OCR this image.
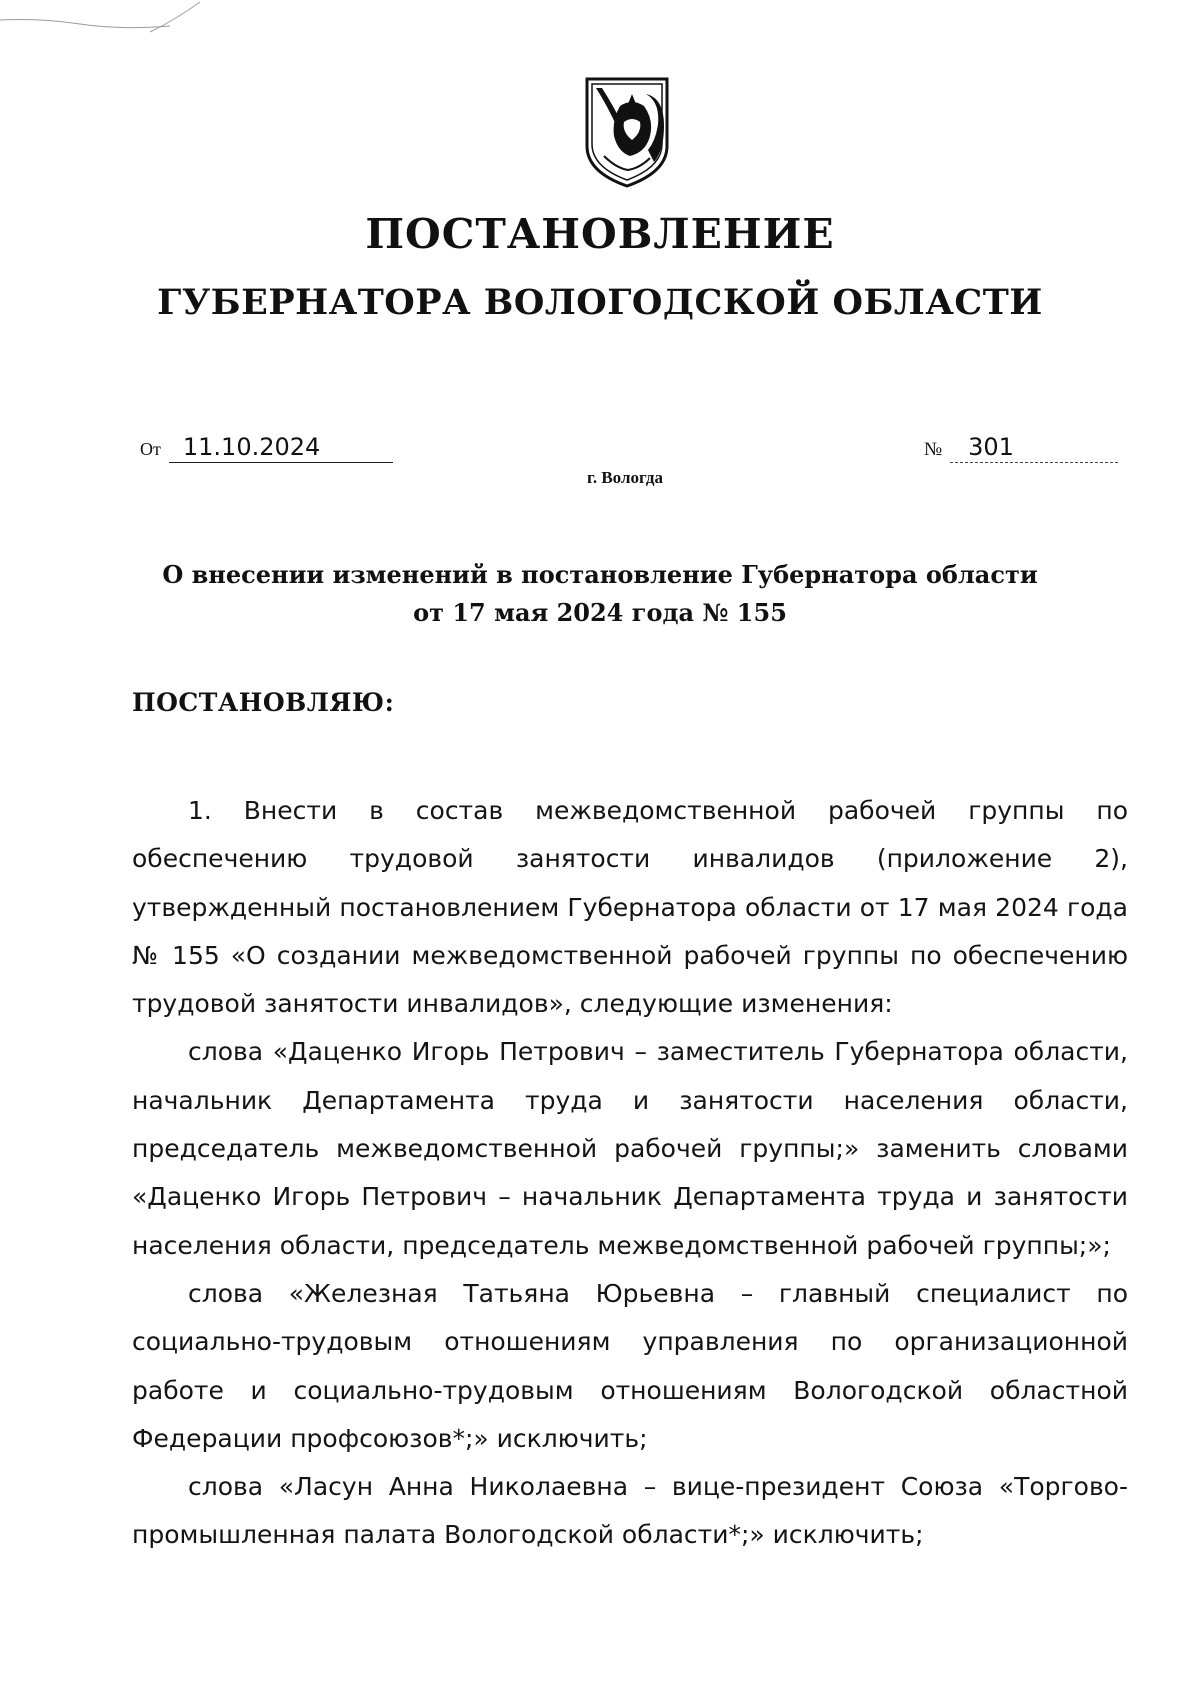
ПОСТАНОВЛЕНИЕ
ГУБЕРНАТОРА ВОЛОГОДСКОЙ ОБЛАСТИ
От 11.10.2024	№ 301
г. Вологда
О внесении изменений в постановление Губернатора области
от 17 мая 2024 года № 155
ПОСТАНОВЛЯЮ:

1. Внести в состав межведомственной рабочей группы по обеспечению трудовой занятости инвалидов (приложение 2), утвержденный постановлением Губернатора области от 17 мая 2024 года № 155 «О создании межведомственной рабочей группы по обеспечению трудовой занятости инвалидов», следующие изменения:

слова «Даценко Игорь Петрович – заместитель Губернатора области, начальник Департамента труда и занятости населения области, председатель межведомственной рабочей группы;» заменить словами «Даценко Игорь Петрович – начальник Департамента труда и занятости населения области, председатель межведомственной рабочей группы;»;

слова «Железная Татьяна Юрьевна – главный специалист по социально-трудовым отношениям управления по организационной работе и социально-трудовым отношениям Вологодской областной Федерации профсоюзов*;» исключить;

слова «Ласун Анна Николаевна – вице-президент Союза «Торгово-промышленная палата Вологодской области*;» исключить;
